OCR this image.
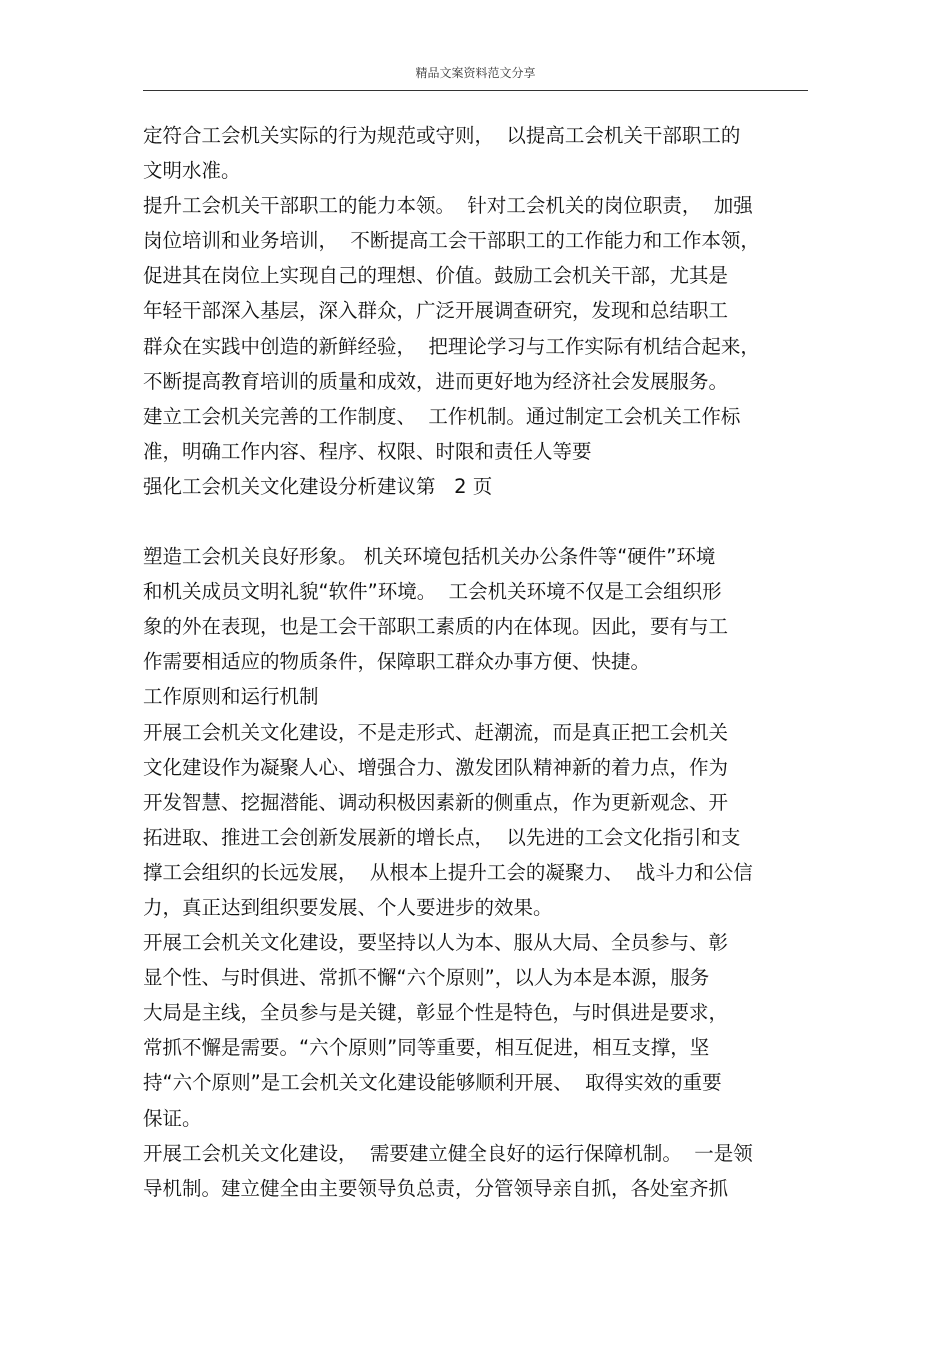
精品文案资料范文分享
定符合工会机关实际的行为规范或守则，  以提高工会机关干部职工的
文明水准。
提升工会机关干部职工的能力本领。  针对工会机关的岗位职责，  加强
岗位培训和业务培训，  不断提高工会干部职工的工作能力和工作本领，
促进其在岗位上实现自己的理想、价值。鼓励工会机关干部，尤其是
年轻干部深入基层，深入群众，广泛开展调查研究，发现和总结职工
群众在实践中创造的新鲜经验，  把理论学习与工作实际有机结合起来，
不断提高教育培训的质量和成效，进而更好地为经济社会发展服务。
建立工会机关完善的工作制度、  工作机制。通过制定工会机关工作标
准，明确工作内容、程序、权限、时限和责任人等要
强化工会机关文化建设分析建议第   2 页
塑造工会机关良好形象。 机关环境包括机关办公条件等“硬件”环境
和机关成员文明礼貌“软件”环境。  工会机关环境不仅是工会组织形
象的外在表现，也是工会干部职工素质的内在体现。因此，要有与工
作需要相适应的物质条件，保障职工群众办事方便、快捷。
工作原则和运行机制
开展工会机关文化建设，不是走形式、赶潮流，而是真正把工会机关
文化建设作为凝聚人心、增强合力、激发团队精神新的着力点，作为
开发智慧、挖掘潜能、调动积极因素新的侧重点，作为更新观念、开
拓进取、推进工会创新发展新的增长点，  以先进的工会文化指引和支
撑工会组织的长远发展，  从根本上提升工会的凝聚力、  战斗力和公信
力，真正达到组织要发展、个人要进步的效果。
开展工会机关文化建设，要坚持以人为本、服从大局、全员参与、彰
显个性、与时俱进、常抓不懈“六个原则”，以人为本是本源，服务
大局是主线，全员参与是关键，彰显个性是特色，与时俱进是要求，
常抓不懈是需要。“六个原则”同等重要，相互促进，相互支撑，坚
持“六个原则”是工会机关文化建设能够顺利开展、  取得实效的重要
保证。
开展工会机关文化建设，  需要建立健全良好的运行保障机制。  一是领
导机制。建立健全由主要领导负总责，分管领导亲自抓，各处室齐抓
